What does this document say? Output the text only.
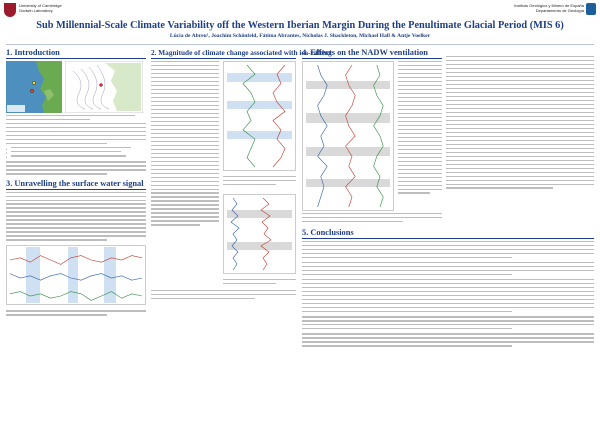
University of Cambridge
Godwin Laboratory
Instituto Geológico y Minero de España
Departamento de Geología
Sub Millennial-Scale Climate Variability off the Western Iberian Margin During the Penultimate Glacial Period (MIS 6)
Lúcia de Abreu¹, Joachim Schönfeld, Fátima Abrantes, Nicholas J. Shackleton, Michael Hall & Antje Voelker
1. Introduction
•
•
•
3. Unravelling the surface water signal
2. Magnitude of climate change associated with ice-rafting
4. Effects on the NADW ventilation
5. Conclusions
